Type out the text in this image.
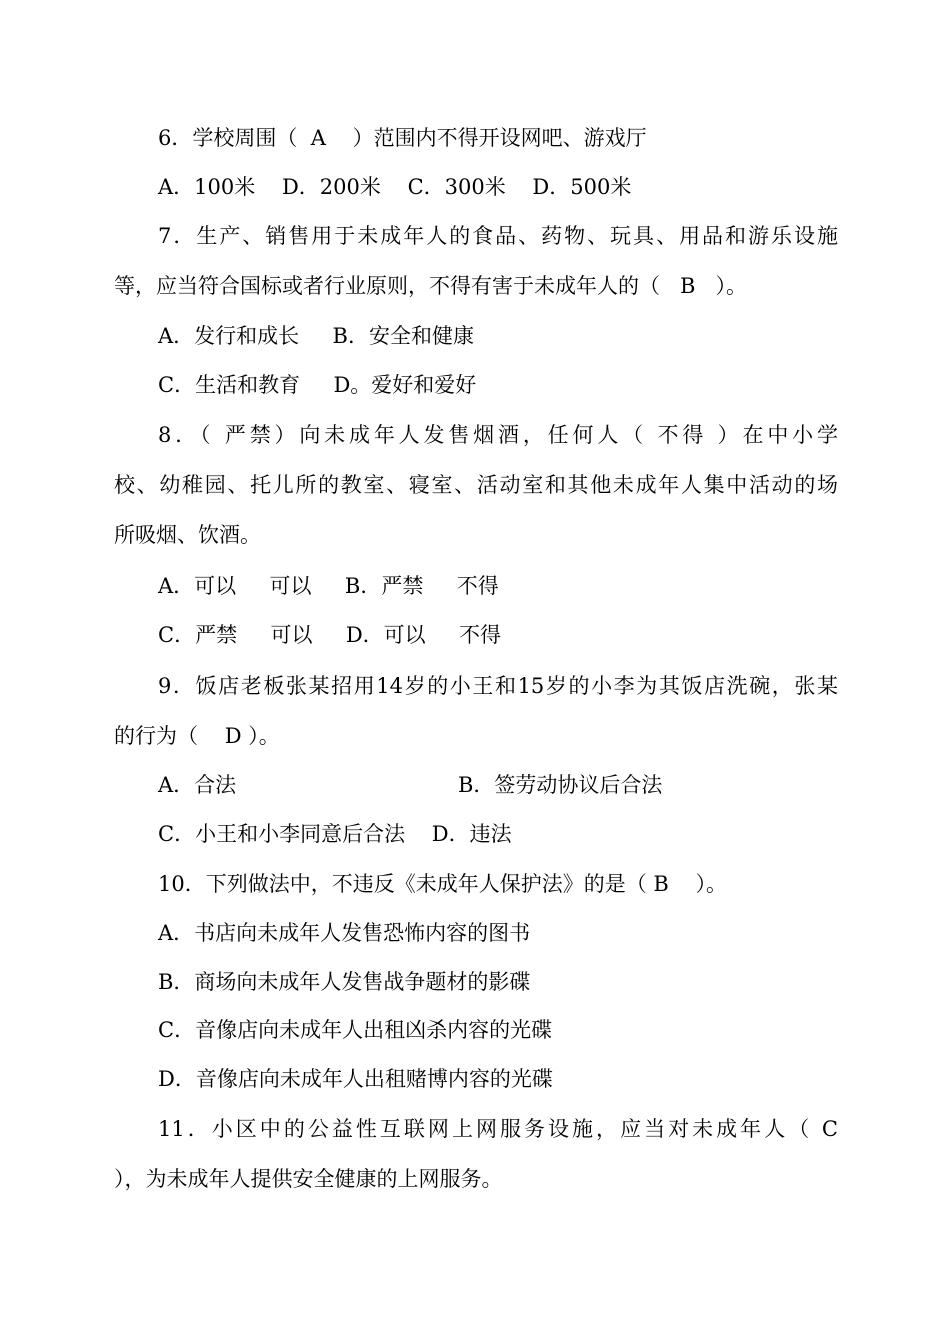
6．学校周围（  A    ）范围内不得开设网吧、游戏厅
A．100米    D．200米    C．300米    D．500米
7．生产、销售用于未成年人的食品、药物、玩具、用品和游乐设施
等，应当符合国标或者行业原则，不得有害于未成年人的（   B   ）。
A．发行和成长     B．安全和健康
C．生活和教育     D。爱好和爱好
8．（ 严禁）向未成年人发售烟酒，任何人（ 不得 ）在中小学
校、幼稚园、托儿所的教室、寝室、活动室和其他未成年人集中活动的场
所吸烟、饮酒。
A．可以     可以     B．严禁     不得
C．严禁     可以     D．可以     不得
9．饭店老板张某招用14岁的小王和15岁的小李为其饭店洗碗，张某
的行为（    D ）。
A．合法	B．签劳动协议后合法
C．小王和小李同意后合法    D．违法
10．下列做法中，不违反《未成年人保护法》的是（ B    ）。
A．书店向未成年人发售恐怖内容的图书
B．商场向未成年人发售战争题材的影碟
C．音像店向未成年人出租凶杀内容的光碟
D．音像店向未成年人出租赌博内容的光碟
11．小区中的公益性互联网上网服务设施，应当对未成年人（ C
），为未成年人提供安全健康的上网服务。
